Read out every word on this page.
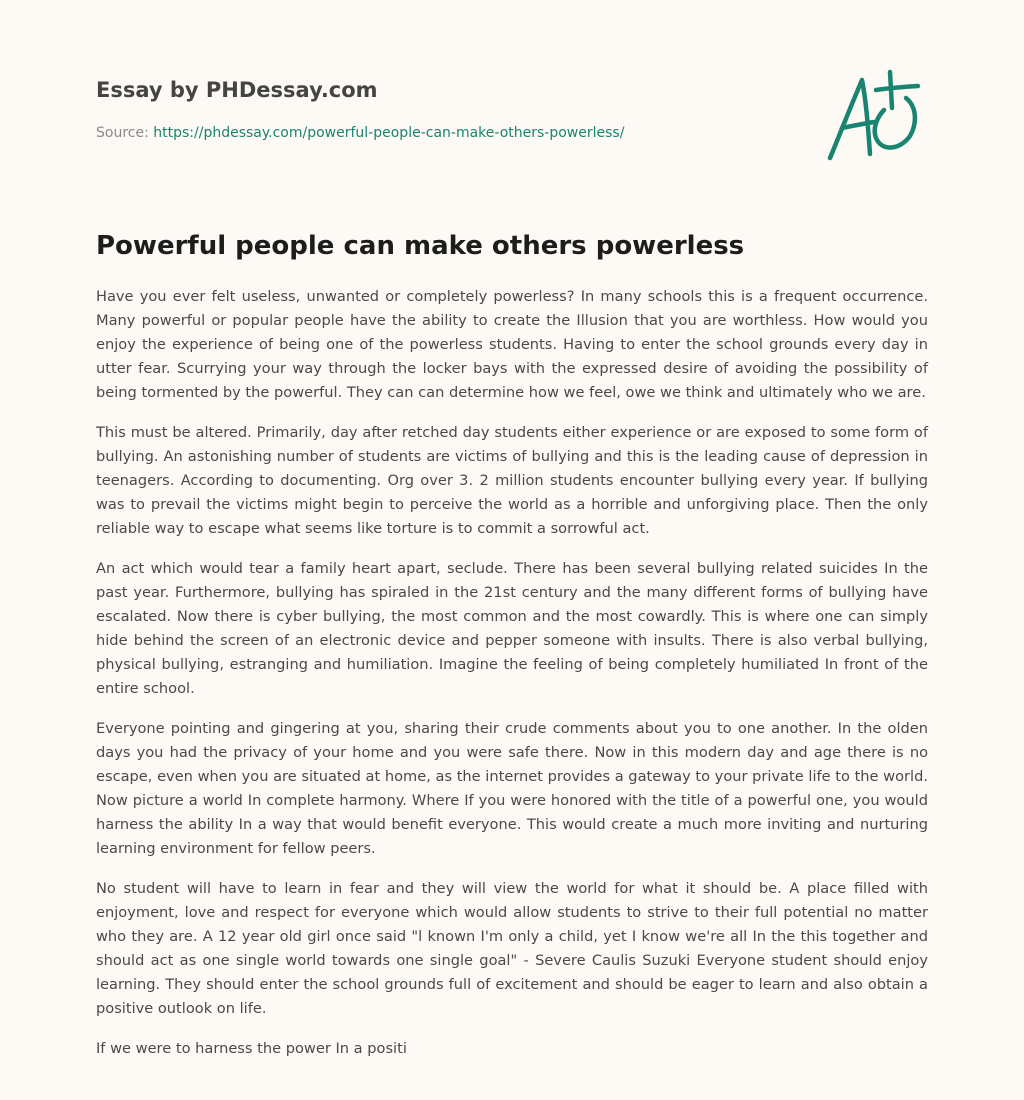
Essay by PHDessay.com
Source: https://phdessay.com/powerful-people-can-make-others-powerless/
Powerful people can make others powerless

Have you ever felt useless, unwanted or completely powerless? In many schools this is a frequent occurrence. Many powerful or popular people have the ability to create the Illusion that you are worthless. How would you enjoy the experience of being one of the powerless students. Having to enter the school grounds every day in utter fear. Scurrying your way through the locker bays with the expressed desire of avoiding the possibility of being tormented by the powerful. They can can determine how we feel, owe we think and ultimately who we are.

This must be altered. Primarily, day after retched day students either experience or are exposed to some form of bullying. An astonishing number of students are victims of bullying and this is the leading cause of depression in teenagers. According to documenting. Org over 3. 2 million students encounter bullying every year. If bullying was to prevail the victims might begin to perceive the world as a horrible and unforgiving place. Then the only reliable way to escape what seems like torture is to commit a sorrowful act.

An act which would tear a family heart apart, seclude. There has been several bullying related suicides In the past year. Furthermore, bullying has spiraled in the 21st century and the many different forms of bullying have escalated. Now there is cyber bullying, the most common and the most cowardly. This is where one can simply hide behind the screen of an electronic device and pepper someone with insults. There is also verbal bullying, physical bullying, estranging and humiliation. Imagine the feeling of being completely humiliated In front of the entire school.

Everyone pointing and gingering at you, sharing their crude comments about you to one another. In the olden days you had the privacy of your home and you were safe there. Now in this modern day and age there is no escape, even when you are situated at home, as the internet provides a gateway to your private life to the world. Now picture a world In complete harmony. Where If you were honored with the title of a powerful one, you would harness the ability In a way that would benefit everyone. This would create a much more inviting and nurturing learning environment for fellow peers.

No student will have to learn in fear and they will view the world for what it should be. A place filled with enjoyment, love and respect for everyone which would allow students to strive to their full potential no matter who they are. A 12 year old girl once said "l known I'm only a child, yet I know we're all In the this together and should act as one single world towards one single goal" - Severe Caulis Suzuki Everyone student should enjoy learning. They should enter the school grounds full of excitement and should be eager to learn and also obtain a positive outlook on life.

If we were to harness the power In a positi
